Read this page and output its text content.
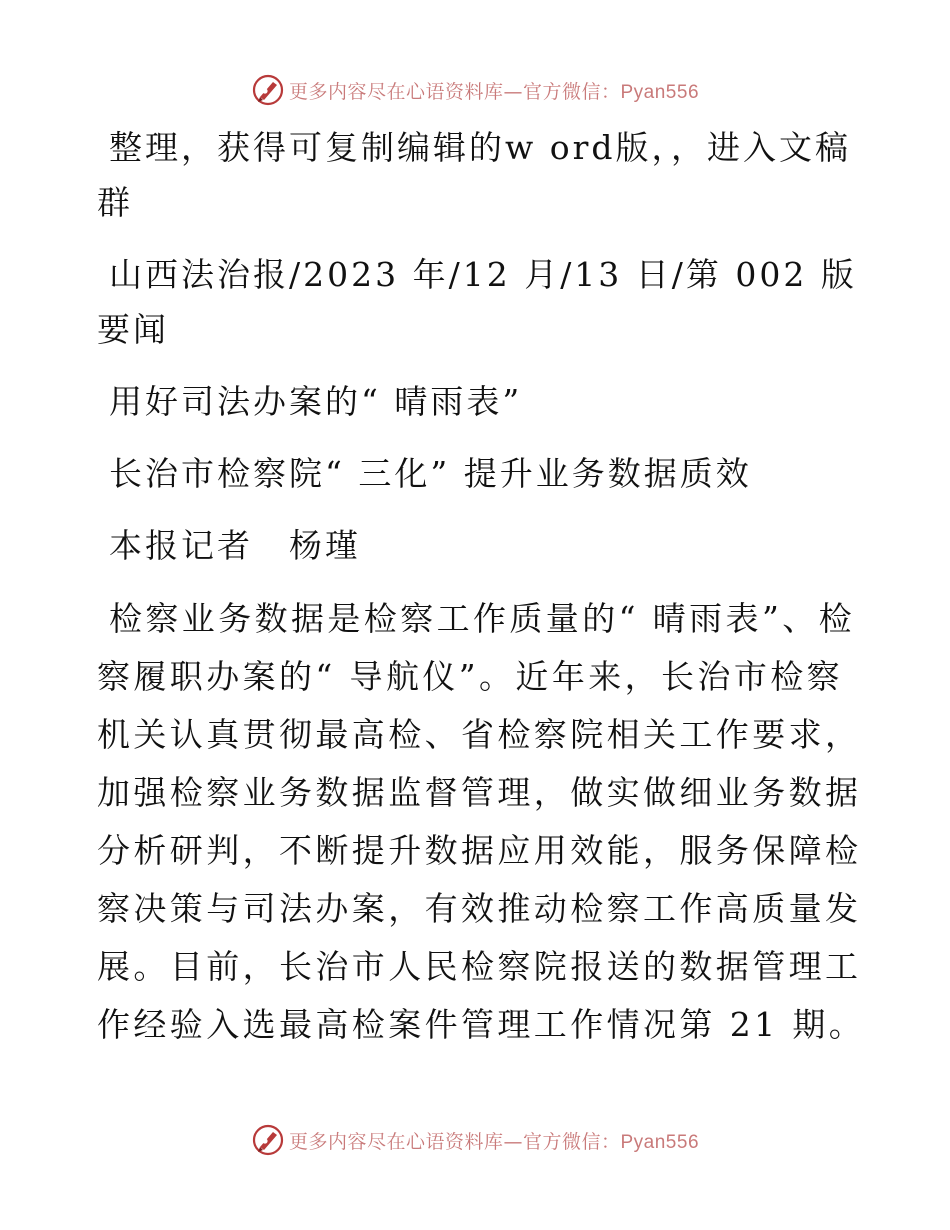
更多内容尽在心语资料库—官方微信：Pyan556

整理，获得可复制编辑的w ord版，，进入文稿群

山西法治报/2023 年/12 月/13 日/第 002 版要闻

用好司法办案的“ 晴雨表”

长治市检察院“ 三化” 提升业务数据质效

本报记者　杨瑾

检察业务数据是检察工作质量的“ 晴雨表”、检察履职办案的“ 导航仪”。近年来，长治市检察机关认真贯彻最高检、省检察院相关工作要求，加强检察业务数据监督管理，做实做细业务数据分析研判，不断提升数据应用效能，服务保障检察决策与司法办案，有效推动检察工作高质量发展。目前，长治市人民检察院报送的数据管理工作经验入选最高检案件管理工作情况第 21 期。

更多内容尽在心语资料库—官方微信：Pyan556
